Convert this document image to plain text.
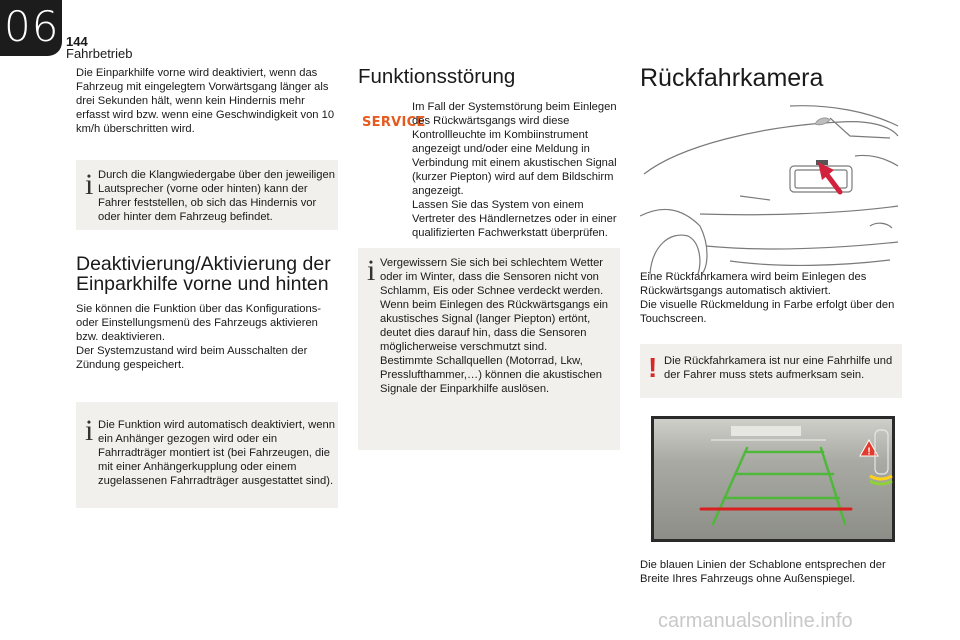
06 144
Fahrbetrieb
Die Einparkhilfe vorne wird deaktiviert, wenn das Fahrzeug mit eingelegtem Vorwärtsgang länger als drei Sekunden hält, wenn kein Hindernis mehr erfasst wird bzw. wenn eine Geschwindigkeit von 10 km/h überschritten wird.
i Durch die Klangwiedergabe über den jeweiligen Lautsprecher (vorne oder hinten) kann der Fahrer feststellen, ob sich das Hindernis vor oder hinter dem Fahrzeug befindet.
Deaktivierung/Aktivierung der Einparkhilfe vorne und hinten
Sie können die Funktion über das Konfigurations- oder Einstellungsmenü des Fahrzeugs aktivieren bzw. deaktivieren.
Der Systemzustand wird beim Ausschalten der Zündung gespeichert.
i Die Funktion wird automatisch deaktiviert, wenn ein Anhänger gezogen wird oder ein Fahrradträger montiert ist (bei Fahrzeugen, die mit einer Anhängerkupplung oder einem zugelassenen Fahrradträger ausgestattet sind).
Funktionsstörung
SERVICE
Im Fall der Systemstörung beim Einlegen des Rückwärtsgangs wird diese Kontrollleuchte im Kombiinstrument angezeigt und/oder eine Meldung in Verbindung mit einem akustischen Signal (kurzer Piepton) wird auf dem Bildschirm angezeigt.
Lassen Sie das System von einem Vertreter des Händlernetzes oder in einer qualifizierten Fachwerkstatt überprüfen.
i Vergewissern Sie sich bei schlechtem Wetter oder im Winter, dass die Sensoren nicht von Schlamm, Eis oder Schnee verdeckt werden. Wenn beim Einlegen des Rückwärtsgangs ein akustisches Signal (langer Piepton) ertönt, deutet dies darauf hin, dass die Sensoren möglicherweise verschmutzt sind.
Bestimmte Schallquellen (Motorrad, Lkw, Presslufthammer,…) können die akustischen Signale der Einparkhilfe auslösen.
Rückfahrkamera
Eine Rückfahrkamera wird beim Einlegen des Rückwärtsgangs automatisch aktiviert.
Die visuelle Rückmeldung in Farbe erfolgt über den Touchscreen.
! Die Rückfahrkamera ist nur eine Fahrhilfe und der Fahrer muss stets aufmerksam sein.
!
Die blauen Linien der Schablone entsprechen der Breite Ihres Fahrzeugs ohne Außenspiegel.
carmanualsonline.info
